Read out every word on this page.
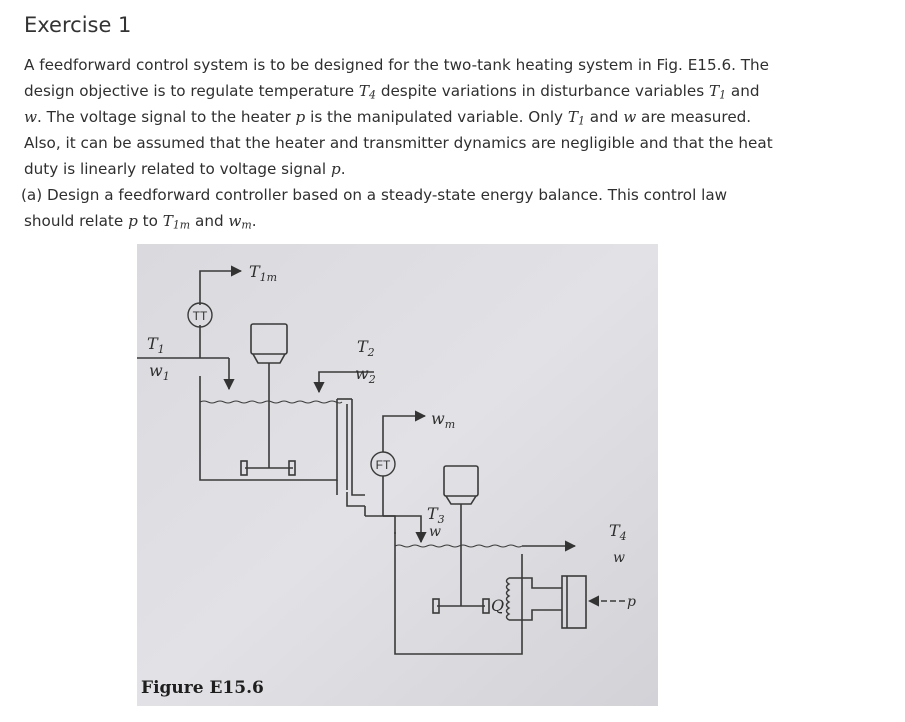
Exercise 1

A feedforward control system is to be designed for the two-tank heating system in Fig. E15.6. The
design objective is to regulate temperature $T_4$ despite variations in disturbance variables $T_1$ and
w. The voltage signal to the heater p is the manipulated variable. Only $T_1$ and w are measured.
Also, it can be assumed that the heater and transmitter dynamics are negligible and that the heat
duty is linearly related to voltage signal p.
(a) Design a feedforward controller based on a steady-state energy balance. This control law
should relate p to $T_{1m}$ and $w_m$.

TT
FT
$T_{1m}$
$T_1$
$w_1$
$T_2$
$w_2$
$w_m$
$T_3$
w	$T_4$
w
Q	p
Figure E15.6
